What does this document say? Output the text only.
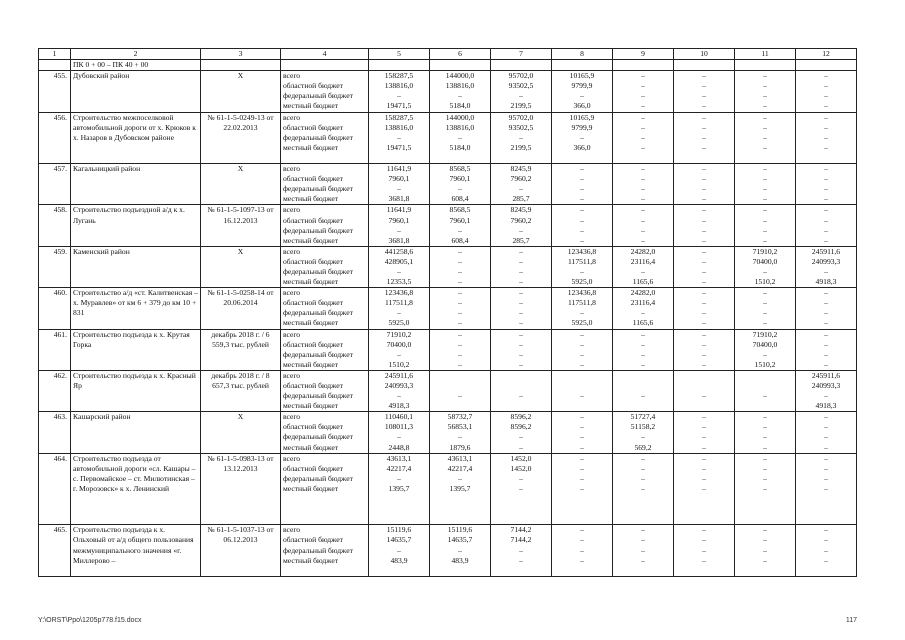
1	2	3	4	5	6	7	8	9	10	11	12
	ПК 0 + 00 – ПК 40 + 00										
455.	Дубовский район	Х	всего	158287,5	144000,0	95702,0	10165,9	–	–	–	–
			областной бюджет	138816,0	138816,0	93502,5	9799,9	–	–	–	–
			федеральный бюджет	–	–	–	–	–	–	–	–
			местный бюджет	19471,5	5184,0	2199,5	366,0	–	–	–	–
456.	Строительство межпоселковой автомобильной дороги от х. Крюков к х. Назаров в Дубовском районе	№ 61-1-5-0249-13 от 22.02.2013	всего	158287,5	144000,0	95702,0	10165,9	–	–	–	–
			областной бюджет	138816,0	138816,0	93502,5	9799,9	–	–	–	–
			федеральный бюджет	–	–	–	–	–	–	–	–
			местный бюджет	19471,5	5184,0	2199,5	366,0	–	–	–	–

457.	Кагальницкий район	Х	всего	11641,9	8568,5	8245,9	–	–	–	–	–
			областной бюджет	7960,1	7960,1	7960,2	–	–	–	–	–
			федеральный бюджет	–	–	–	–	–	–	–	–
			местный бюджет	3681,8	608,4	285,7	–	–	–	–	–
458.	Строительство подъездной а/д к х. Лугань	№ 61-1-5-1097-13 от 16.12.2013	всего	11641,9	8568,5	8245,9	–	–	–	–	–
			областной бюджет	7960,1	7960,1	7960,2	–	–	–	–	–
			федеральный бюджет	–	–	–	–	–	–	–	–
			местный бюджет	3681,8	608,4	285,7	–	–	–	–	–
459.	Каменский район	Х	всего	441258,6	–	–	123436,8	24282,0	–	71910,2	245911,6
			областной бюджет	428905,1	–	–	117511,8	23116,4	–	70400,0	240993,3
			федеральный бюджет	–	–	–	–	–	–	–	–
			местный бюджет	12353,5	–	–	5925,0	1165,6	–	1510,2	4918,3
460.	Строительство а/д «ст. Калитвенская – х. Муравлев» от км 6 + 379 до км 10 + 831	№ 61-1-5-0258-14 от 20.06.2014	всего	123436,8	–	–	123436,8	24282,0	–	–	–
			областной бюджет	117511,8	–	–	117511,8	23116,4	–	–	–
			федеральный бюджет	–	–	–	–	–	–	–	–
			местный бюджет	5925,0	–	–	5925,0	1165,6	–	–	–
461.	Строительство подъезда к х. Крутая Горка	декабрь 2018 г. / 6 559,3 тыс. рублей	всего	71910,2	–	–	–	–	–	71910,2	–
			областной бюджет	70400,0	–	–	–	–	–	70400,0	–
			федеральный бюджет	–	–	–	–	–	–	–	–
			местный бюджет	1510,2	–	–	–	–	–	1510,2	–
462.	Строительство подъезда к х. Красный Яр	декабрь 2018 г. / 8 657,3 тыс. рублей	всего	245911,6							245911,6
			областной бюджет	240993,3							240993,3
			федеральный бюджет	–	–	–	–	–	–	–	–
			местный бюджет	4918,3							4918,3
463.	Кашарский район	Х	всего	110460,1	58732,7	8596,2	–	51727,4	–	–	–
			областной бюджет	108011,3	56853,1	8596,2	–	51158,2	–	–	–
			федеральный бюджет	–	–	–	–	–	–	–	–
			местный бюджет	2448,8	1879,6	–	–	569,2	–	–	–
464.	Строительство подъезда от автомобильной дороги «сл. Кашары – с. Первомайское – ст. Милютинская – г. Морозовск» к х. Ленинский	№ 61-1-5-0983-13 от 13.12.2013	всего	43613,1	43613,1	1452,0	–	–	–	–	–
			областной бюджет	42217,4	42217,4	1452,0	–	–	–	–	–
			федеральный бюджет	–	–	–	–	–	–	–	–
			местный бюджет	1395,7	1395,7	–	–	–	–	–	–

465.	Строительство подъезда к х. Ольховый от а/д общего пользования межмуниципального значения «г. Миллерово –	№ 61-1-5-1037-13 от 06.12.2013	всего	15119,6	15119,6	7144,2	–	–	–	–	–
			областной бюджет	14635,7	14635,7	7144,2	–	–	–	–	–
			федеральный бюджет	–	–	–	–	–	–	–	–
			местный бюджет	483,9	483,9	–	–	–	–	–	–

Y:\ORST\Ppo\1205p778.f15.docx	117
